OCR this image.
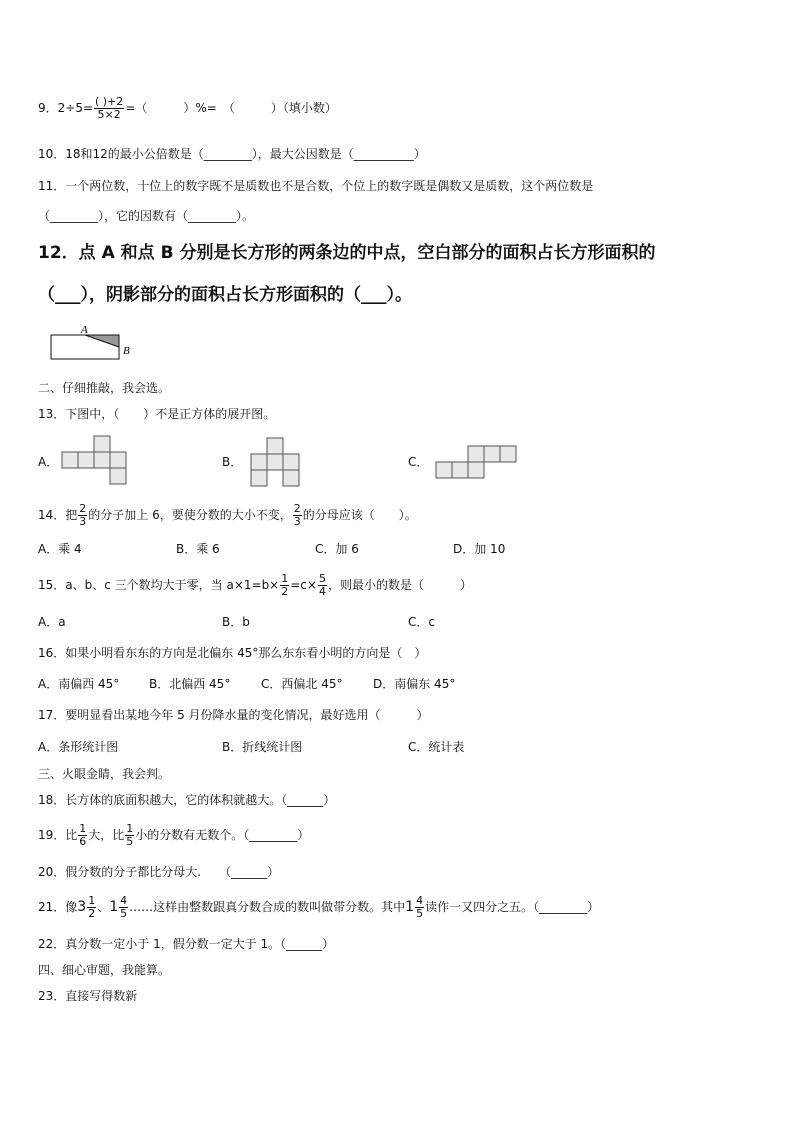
9．$2\div 5= \frac{( )+2}{5\times 2}$ =（　　　）%=　（　　　）（填小数）
10．18和12的最小公倍数是（________），最大公因数是（__________）
11．一个两位数，十位上的数字既不是质数也不是合数，个位上的数字既是偶数又是质数，这个两位数是
（________），它的因数有（________）。
12．点 A 和点 B 分别是长方形的两条边的中点，空白部分的面积占长方形面积的
（___），阴影部分的面积占长方形面积的（___）。
A
B
二、仔细推敲，我会选。
13．下图中，（　　）不是正方体的展开图。
A．	B．	C．
14．把 $\frac{2}{3}$ 的分子加上 6，要使分数的大小不变， $\frac{2}{3}$ 的分母应该（　　）。
A．乘 4	B．乘 6	C．加 6	D．加 10
15．a、b、c 三个数均大于零，当 $a\times 1=b\times \frac{1}{2} =c\times \frac{5}{4}$ ，则最小的数是（　　　）
A．a	B．b	C．c
16．如果小明看东东的方向是北偏东 45°那么东东看小明的方向是（　）
A．南偏西 45° B．北偏西 45°	C．西偏北 45°	D．南偏东 45°
17．要明显看出某地今年 5 月份降水量的变化情况，最好选用（　　　）
A．条形统计图	B．折线统计图	C．统计表
三、火眼金睛，我会判。
18．长方体的底面积越大，它的体积就越大。（______）
19．比 $\frac{1}{6}$ 大，比 $\frac{1}{5}$ 小的分数有无数个。（________）
20．假分数的分子都比分母大.　　（______）
21．像 $3 \frac{1}{2}$ 、 $1 \frac{4}{5}$ ……这样由整数跟真分数合成的数叫做带分数。其中 $1 \frac{4}{5}$ 读作一又四分之五。（________）
22．真分数一定小于 1，假分数一定大于 1。（______）
四、细心审题，我能算。
23．直接写得数新
